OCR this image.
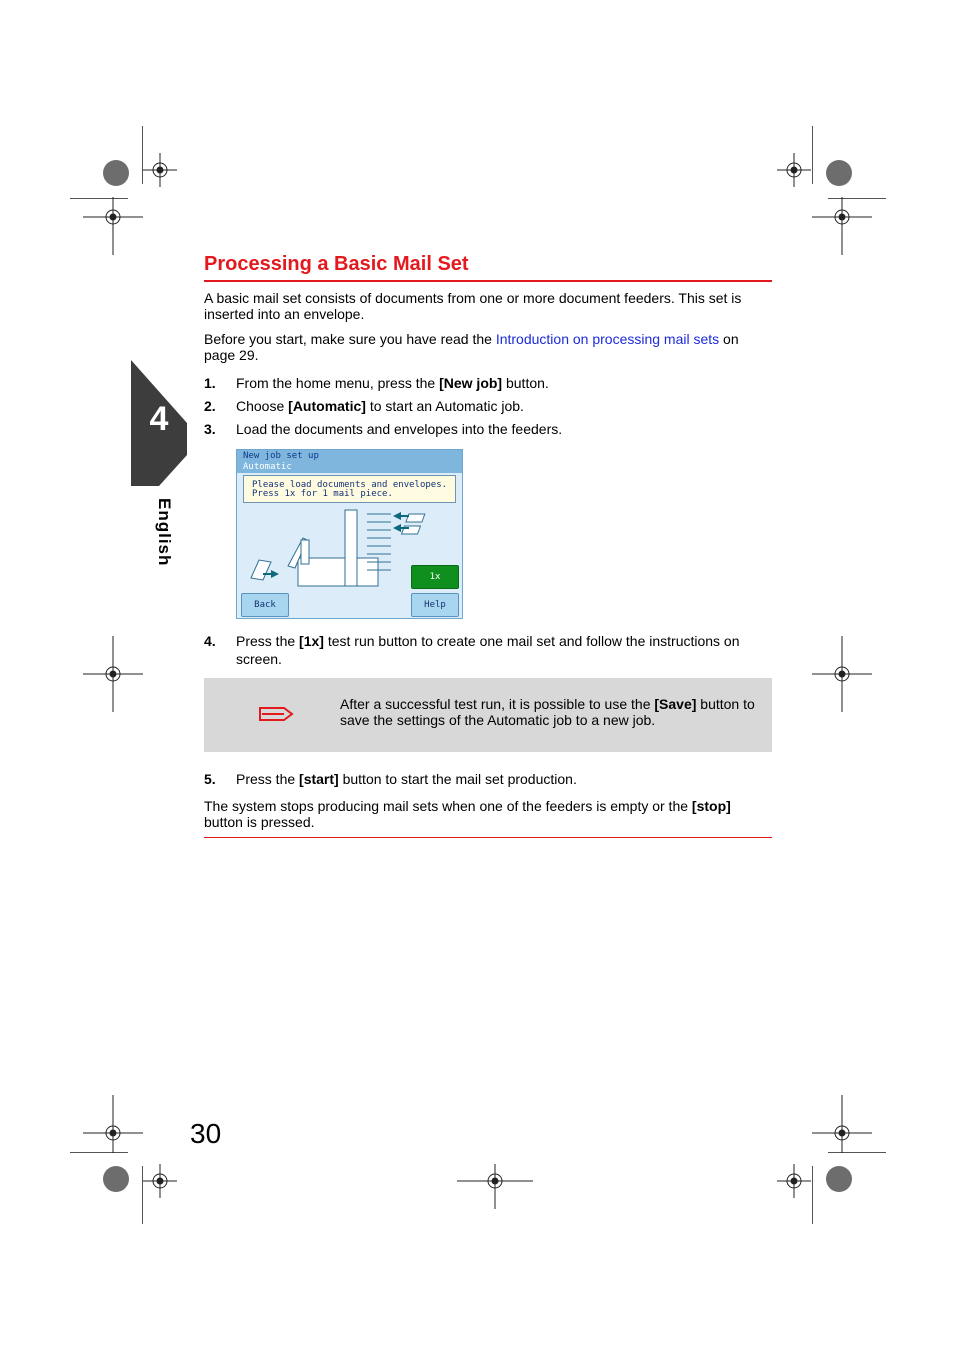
4
English
Processing a Basic Mail Set
A basic mail set consists of documents from one or more document feeders. This set is inserted into an envelope.
Before you start, make sure you have read the Introduction on processing mail sets on page 29.
1.	From the home menu, press the [New job] button.
2.	Choose [Automatic] to start an Automatic job.
3.	Load the documents and envelopes into the feeders.
New job set up
Automatic
Please load documents and envelopes.
Press 1x for 1 mail piece.
1x
Back	Help
4.	Press the [1x] test run button to create one mail set and follow the instructions on screen.
After a successful test run, it is possible to use the [Save] button to save the settings of the Automatic job to a new job.
5.	Press the [start] button to start the mail set production.
The system stops producing mail sets when one of the feeders is empty or the [stop] button is pressed.
30
